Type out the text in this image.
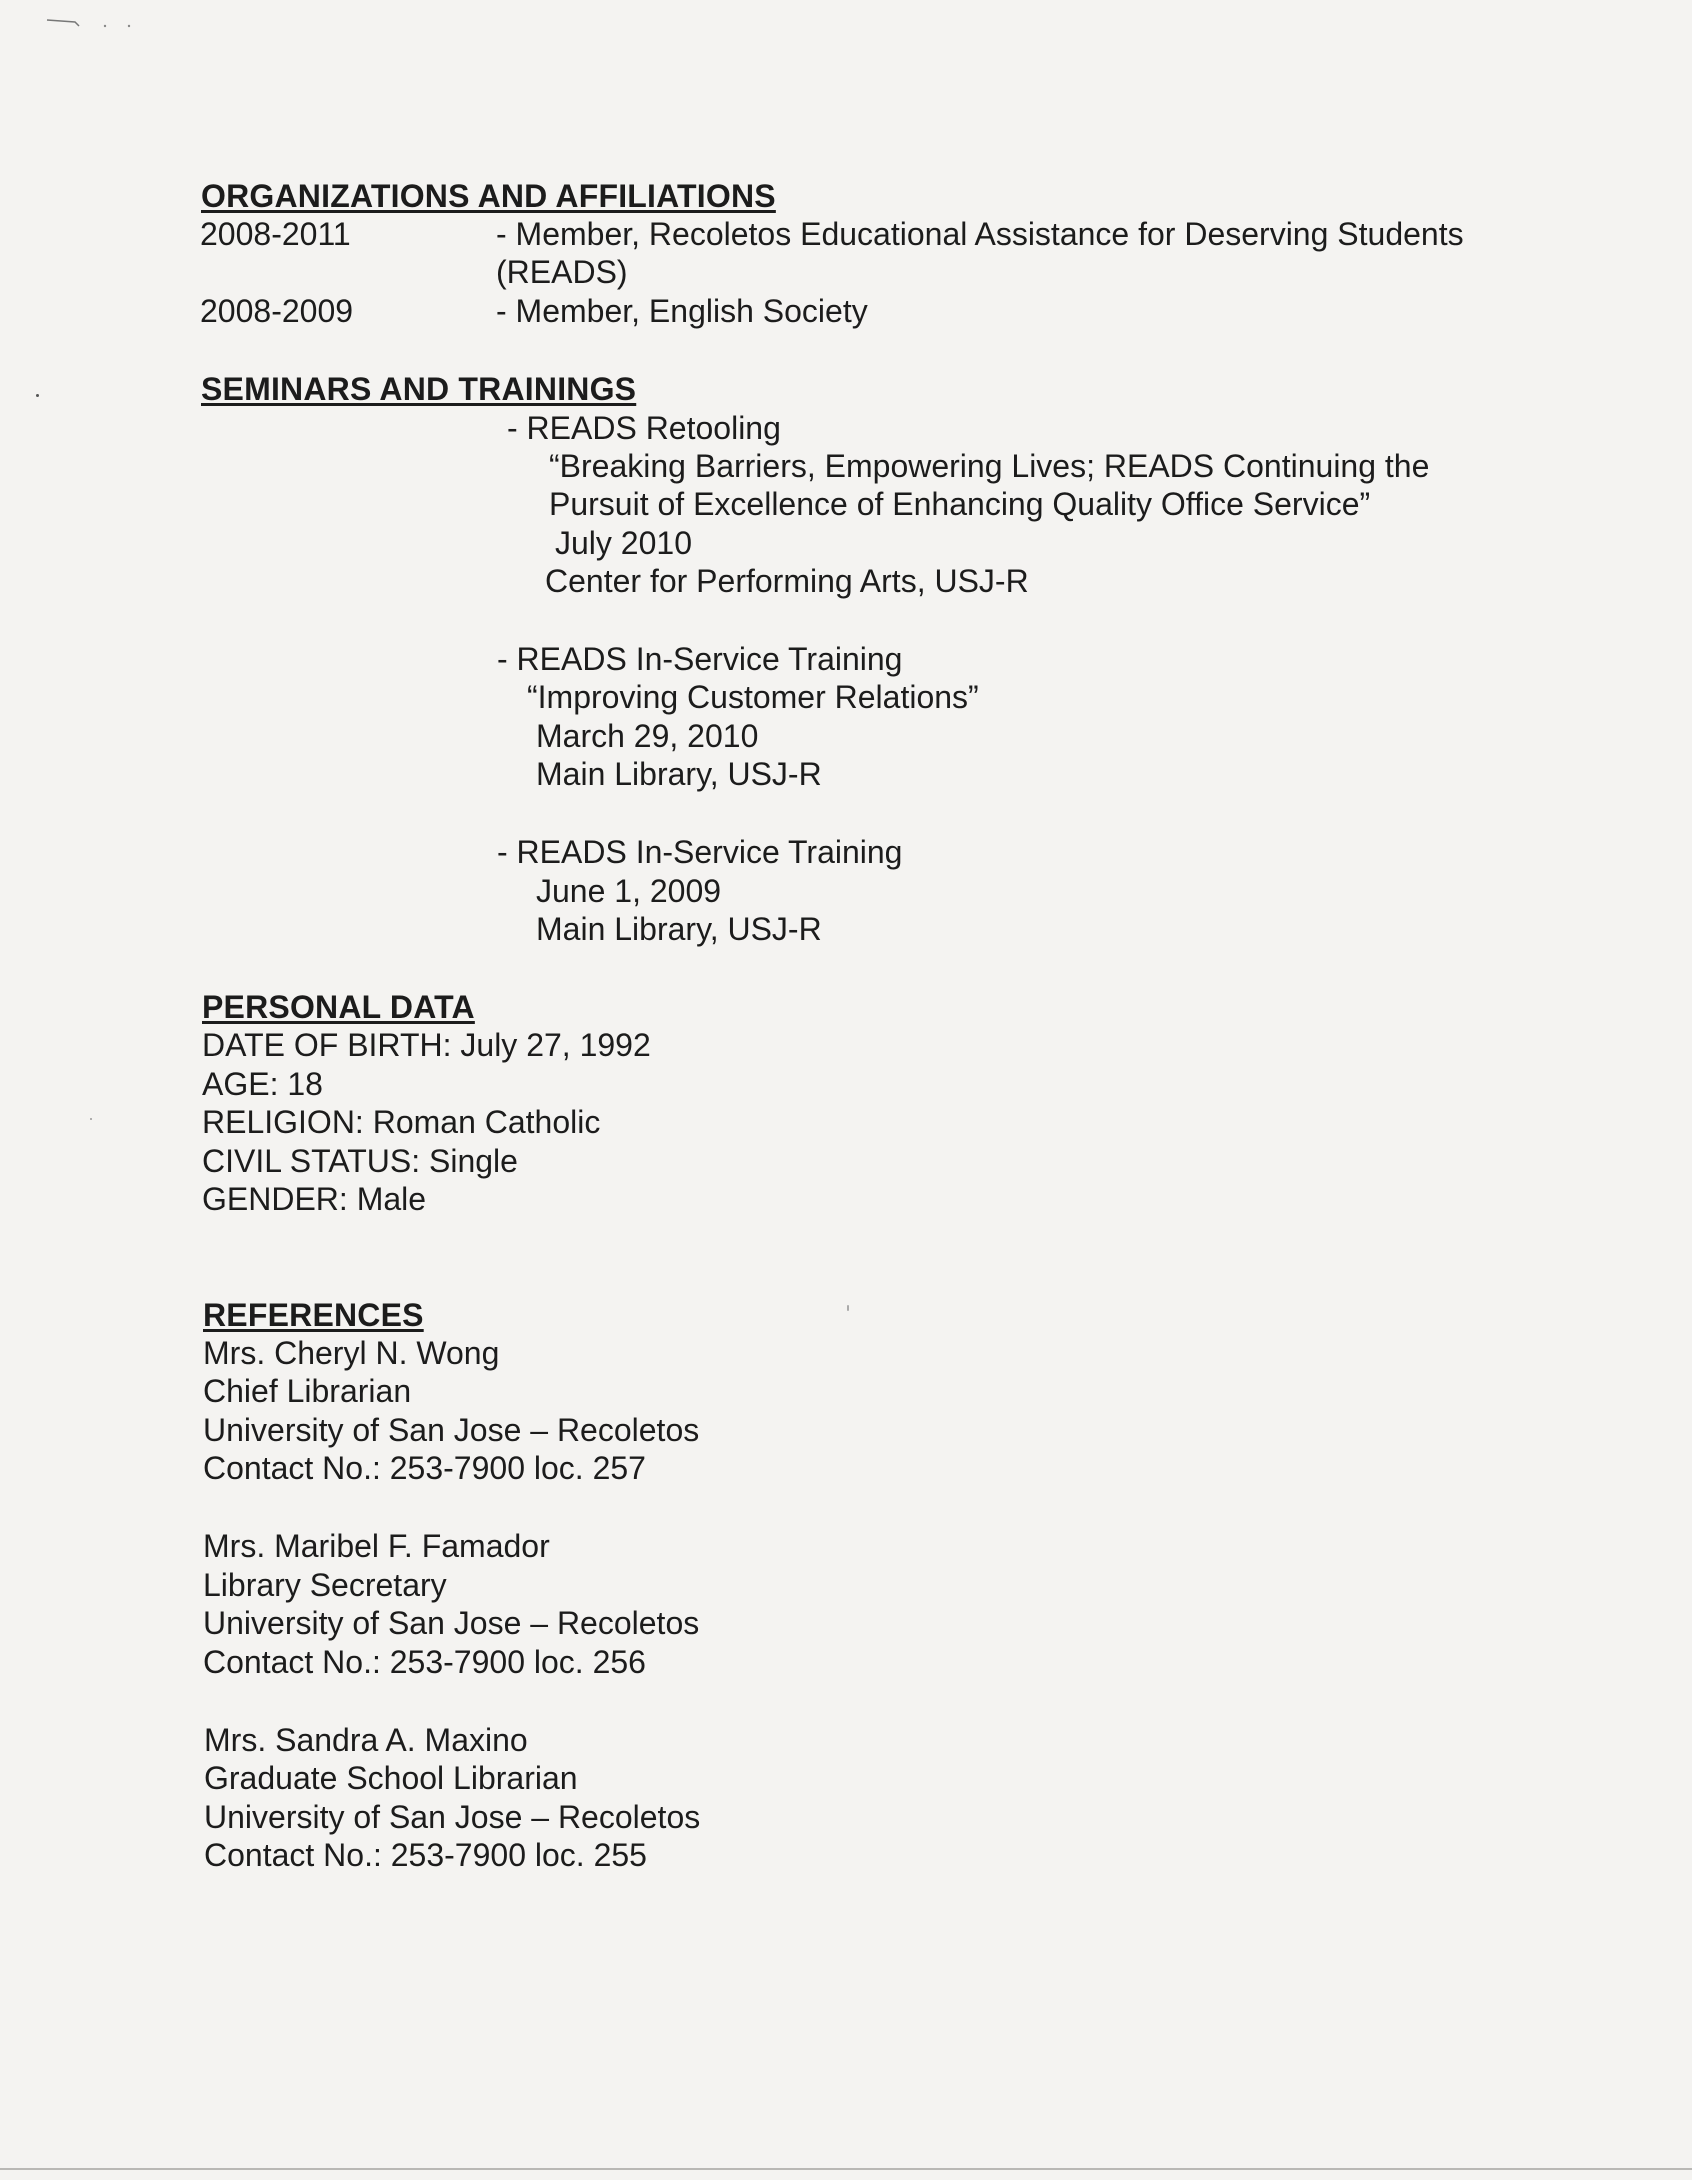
ORGANIZATIONS AND AFFILIATIONS
2008-2011	- Member, Recoletos Educational Assistance for Deserving Students
(READS)
2008-2009	- Member, English Society
SEMINARS AND TRAININGS
- READS Retooling
“Breaking Barriers, Empowering Lives; READS Continuing the
Pursuit of Excellence of Enhancing Quality Office Service”
July 2010
Center for Performing Arts, USJ-R
- READS In-Service Training
“Improving Customer Relations”
March 29, 2010
Main Library, USJ-R
- READS In-Service Training
June 1, 2009
Main Library, USJ-R
PERSONAL DATA
DATE OF BIRTH: July 27, 1992
AGE: 18
RELIGION: Roman Catholic
CIVIL STATUS: Single
GENDER: Male
REFERENCES
Mrs. Cheryl N. Wong
Chief Librarian
University of San Jose – Recoletos
Contact No.: 253-7900 loc. 257
Mrs. Maribel F. Famador
Library Secretary
University of San Jose – Recoletos
Contact No.: 253-7900 loc. 256
Mrs. Sandra A. Maxino
Graduate School Librarian
University of San Jose – Recoletos
Contact No.: 253-7900 loc. 255
